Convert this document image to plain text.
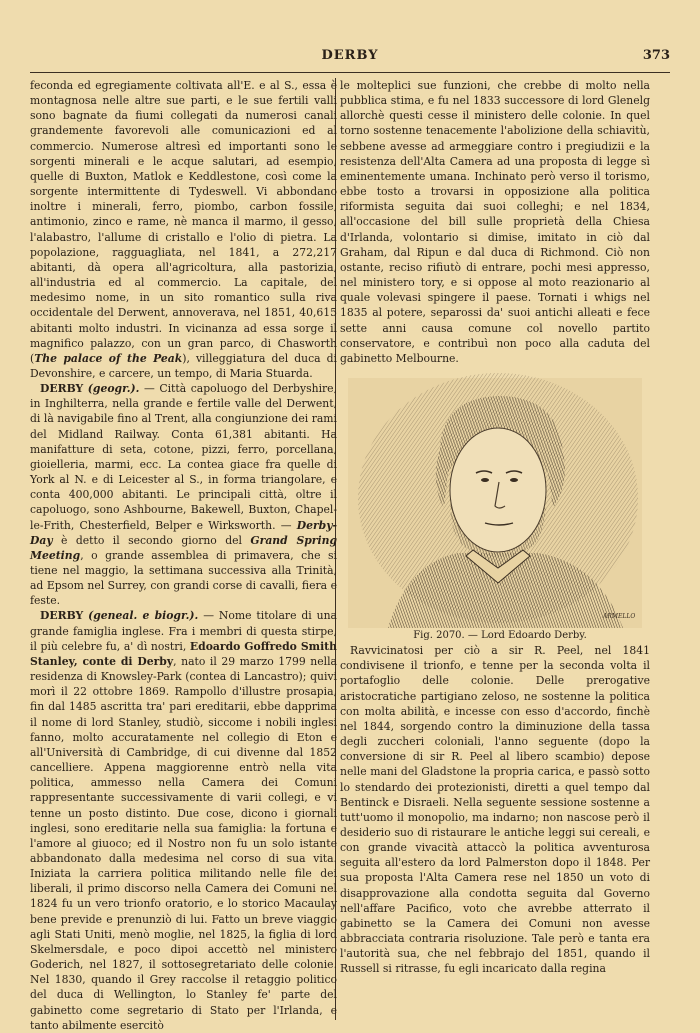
DERBY	373

feconda ed egregiamente coltivata all'E. e al S., essa è montagnosa nelle altre sue parti, e le sue fertili valli sono bagnate da fiumi collegati da numerosi canali grandemente favorevoli alle comunicazioni ed al commercio. Numerose altresì ed importanti sono le sorgenti minerali e le acque salutari, ad esempio, quelle di Buxton, Matlok e Keddlestone, così come la sorgente intermittente di Tydeswell. Vi abbondano inoltre i minerali, ferro, piombo, carbon fossile, antimonio, zinco e rame, nè manca il marmo, il gesso, l'alabastro, l'allume di cristallo e l'olio di pietra. La popolazione, ragguagliata, nel 1841, a 272,217 abitanti, dà opera all'agricoltura, alla pastorizia, all'industria ed al commercio. La capitale, del medesimo nome, in un sito romantico sulla riva occidentale del Derwent, annoverava, nel 1851, 40,615 abitanti molto industri. In vicinanza ad essa sorge il magnifico palazzo, con un gran parco, di Chasworth (The palace of the Peak), villeggiatura del duca di Devonshire, e carcere, un tempo, di Maria Stuarda.

DERBY (geogr.). — Città capoluogo del Derbyshire, in Inghilterra, nella grande e fertile valle del Derwent, di là navigabile fino al Trent, alla congiunzione dei rami del Midland Railway. Conta 61,381 abitanti. Ha manifatture di seta, cotone, pizzi, ferro, porcellana, gioielleria, marmi, ecc. La contea giace fra quelle di York al N. e di Leicester al S., in forma triangolare, e conta 400,000 abitanti. Le principali città, oltre il capoluogo, sono Ashbourne, Bakewell, Buxton, Chapel-le-Frith, Chesterfield, Belper e Wirksworth. — Derby-Day è detto il secondo giorno del Grand Spring Meeting, o grande assemblea di primavera, che si tiene nel maggio, la settimana successiva alla Trinità, ad Epsom nel Surrey, con grandi corse di cavalli, fiera e feste.

DERBY (geneal. e biogr.). — Nome titolare di una grande famiglia inglese. Fra i membri di questa stirpe, il più celebre fu, a' dì nostri, Edoardo Goffredo Smith Stanley, conte di Derby, nato il 29 marzo 1799 nella residenza di Knowsley-Park (contea di Lancastro); quivi morì il 22 ottobre 1869. Rampollo d'illustre prosapia, fin dal 1485 ascritta tra' pari ereditarii, ebbe dapprima il nome di lord Stanley, studiò, siccome i nobili inglesi fanno, molto accuratamente nel collegio di Eton e all'Università di Cambridge, di cui divenne dal 1852 cancelliere. Appena maggiorenne entrò nella vita politica, ammesso nella Camera dei Comuni rappresentante successivamente di varii collegi, e vi tenne un posto distinto. Due cose, dicono i giornali inglesi, sono ereditarie nella sua famiglia: la fortuna e l'amore al giuoco; ed il Nostro non fu un solo istante abbandonato dalla medesima nel corso di sua vita. Iniziata la carriera politica militando nelle file dei liberali, il primo discorso nella Camera dei Comuni nel 1824 fu un vero trionfo oratorio, e lo storico Macaulay bene previde e prenunziò di lui. Fatto un breve viaggio agli Stati Uniti, menò moglie, nel 1825, la figlia di lord Skelmersdale, e poco dipoi accettò nel ministero Goderich, nel 1827, il sottosegretariato delle colonie. Nel 1830, quando il Grey raccolse il retaggio politico del duca di Wellington, lo Stanley fe' parte del gabinetto come segretario di Stato per l'Irlanda, e tanto abilmente esercitò

le molteplici sue funzioni, che crebbe di molto nella pubblica stima, e fu nel 1833 successore di lord Glenelg allorchè questi cesse il ministero delle colonie. In quel torno sostenne tenacemente l'abolizione della schiavitù, sebbene avesse ad armeggiare contro i pregiudizii e la resistenza dell'Alta Camera ad una proposta di legge sì eminentemente umana. Inchinato però verso il torismo, ebbe tosto a trovarsi in opposizione alla politica riformista seguita dai suoi colleghi; e nel 1834, all'occasione del bill sulle proprietà della Chiesa d'Irlanda, volontario si dimise, imitato in ciò dal Graham, dal Ripun e dal duca di Richmond. Ciò non ostante, reciso rifiutò di entrare, pochi mesi appresso, nel ministero tory, e si oppose al moto reazionario al quale volevasi spingere il paese. Tornati i whigs nel 1835 al potere, separossi da' suoi antichi alleati e fece sette anni causa comune col novello partito conservatore, e contribuì non poco alla caduta del gabinetto Melbourne.

ARMELLO

Fig. 2070. — Lord Edoardo Derby.

Ravvicinatosi per ciò a sir R. Peel, nel 1841 condivisene il trionfo, e tenne per la seconda volta il portafoglio delle colonie. Delle prerogative aristocratiche partigiano zeloso, ne sostenne la politica con molta abilità, e incesse con esso d'accordo, finchè nel 1844, sorgendo contro la diminuzione della tassa degli zuccheri coloniali, l'anno seguente (dopo la conversione di sir R. Peel al libero scambio) depose nelle mani del Gladstone la propria carica, e passò sotto lo stendardo dei protezionisti, diretti a quel tempo dal Bentinck e Disraeli. Nella seguente sessione sostenne a tutt'uomo il monopolio, ma indarno; non nascose però il desiderio suo di ristaurare le antiche leggi sui cereali, e con grande vivacità attaccò la politica avventurosa seguita all'estero da lord Palmerston dopo il 1848. Per sua proposta l'Alta Camera rese nel 1850 un voto di disapprovazione alla condotta seguita dal Governo nell'affare Pacifico, voto che avrebbe atterrato il gabinetto se la Camera dei Comuni non avesse abbracciata contraria risoluzione. Tale però e tanta era l'autorità sua, che nel febbrajo del 1851, quando il Russell si ritrasse, fu egli incaricato dalla regina
